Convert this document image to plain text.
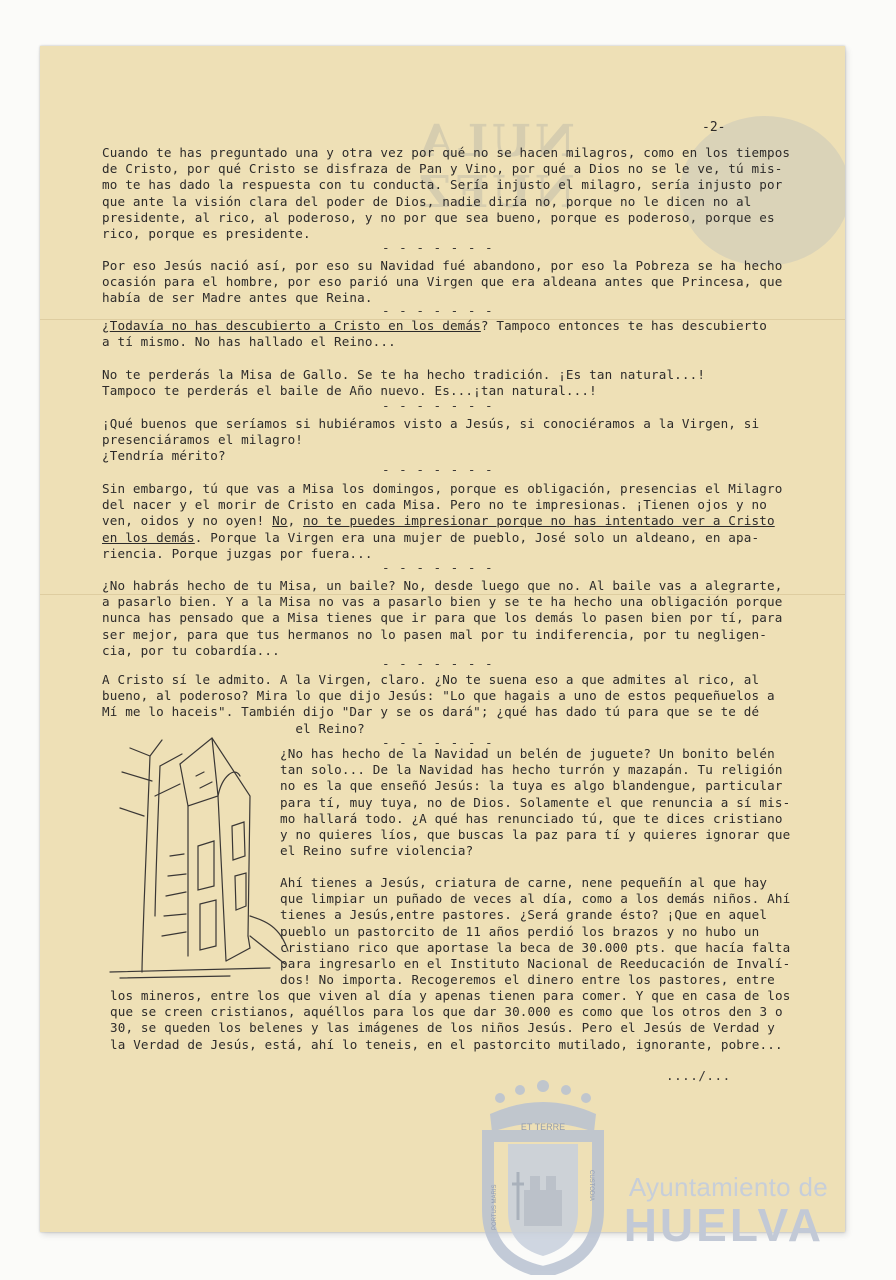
NULA NUEZ
-2-
Cuando te has preguntado una y otra vez por qué no se hacen milagros, como en los tiempos
de Cristo, por qué Cristo se disfraza de Pan y Vino, por qué a Dios no se le ve, tú mis-
mo te has dado la respuesta con tu conducta. Sería injusto el milagro, sería injusto por
que ante la visión clara del poder de Dios, nadie diría no, porque no le dicen no al
presidente, al rico, al poderoso, y no por que sea bueno, porque es poderoso, porque es
rico, porque es presidente.
- - - - - - -
Por eso Jesús nació así, por eso su Navidad fué abandono, por eso la Pobreza se ha hecho
ocasión para el hombre, por eso parió una Virgen que era aldeana antes que Princesa, que
había de ser Madre antes que Reina.
- - - - - - -
¿Todavía no has descubierto a Cristo en los demás? Tampoco entonces te has descubierto
a tí mismo. No has hallado el Reino...
No te perderás la Misa de Gallo. Se te ha hecho tradición. ¡Es tan natural...!
Tampoco te perderás el baile de Año nuevo. Es...¡tan natural...!
- - - - - - -
¡Qué buenos que seríamos si hubiéramos visto a Jesús, si conociéramos a la Virgen, si
presenciáramos el milagro!
¿Tendría mérito?
- - - - - - -
Sin embargo, tú que vas a Misa los domingos, porque es obligación, presencias el Milagro
del nacer y el morir de Cristo en cada Misa. Pero no te impresionas. ¡Tienen ojos y no
ven, oidos y no oyen! No, no te puedes impresionar porque no has intentado ver a Cristo
en los demás. Porque la Virgen era una mujer de pueblo, José solo un aldeano, en apa-
riencia. Porque juzgas por fuera...
- - - - - - -
¿No habrás hecho de tu Misa, un baile? No, desde luego que no. Al baile vas a alegrarte,
a pasarlo bien. Y a la Misa no vas a pasarlo bien y se te ha hecho una obligación porque
nunca has pensado que a Misa tienes que ir para que los demás lo pasen bien por tí, para
ser mejor, para que tus hermanos no lo pasen mal por tu indiferencia, por tu negligen-
cia, por tu cobardía...
- - - - - - -
A Cristo sí le admito. A la Virgen, claro. ¿No te suena eso a que admites al rico, al
bueno, al poderoso? Mira lo que dijo Jesús: "Lo que hagais a uno de estos pequeñuelos a
Mí me lo haceis". También dijo "Dar y se os dará"; ¿qué has dado tú para que se te dé
el Reino?
- - - - - - -
¿No has hecho de la Navidad un belén de juguete? Un bonito belén
tan solo... De la Navidad has hecho turrón y mazapán. Tu religión
no es la que enseñó Jesús: la tuya es algo blandengue, particular
para tí, muy tuya, no de Dios. Solamente el que renuncia a sí mis-
mo hallará todo. ¿A qué has renunciado tú, que te dices cristiano
y no quieres líos, que buscas la paz para tí y quieres ignorar que
el Reino sufre violencia?
Ahí tienes a Jesús, criatura de carne, nene pequeñín al que hay
que limpiar un puñado de veces al día, como a los demás niños. Ahí
tienes a Jesús,entre pastores. ¿Será grande ésto? ¡Que en aquel
pueblo un pastorcito de 11 años perdió los brazos y no hubo un
cristiano rico que aportase la beca de 30.000 pts. que hacía falta
para ingresarlo en el Instituto Nacional de Reeducación de Invalí-
dos! No importa. Recogeremos el dinero entre los pastores, entre
los mineros, entre los que viven al día y apenas tienen para comer. Y que en casa de los
que se creen cristianos, aquéllos para los que dar 30.000 es como que los otros den 3 o
30, se queden los belenes y las imágenes de los niños Jesús. Pero el Jesús de Verdad y
la Verdad de Jesús, está, ahí lo teneis, en el pastorcito mutilado, ignorante, pobre...
..../...
ET TERRE
PORTUS MARIS	CUSTODIA	Ayuntamiento de
HUELVA
